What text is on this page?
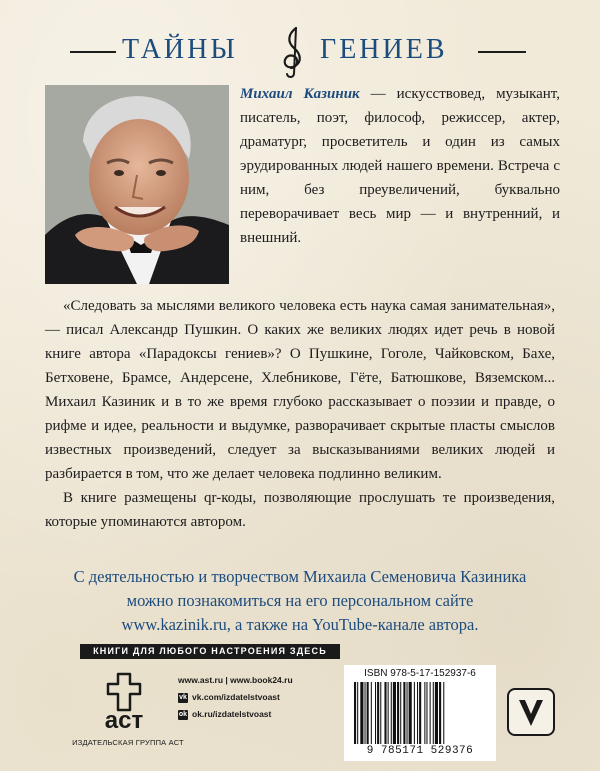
ТАЙНЫ	ГЕНИЕВ
Михаил Казиник — искусствовед, музыкант, писатель, поэт, философ, режиссер, актер, драматург, просветитель и один из самых эрудированных людей нашего времени. Встреча с ним, без преувеличений, буквально переворачивает весь мир — и внутренний, и внешний.

«Следовать за мыслями великого человека есть наука самая занимательная», — писал Александр Пушкин. О каких же великих людях идет речь в новой книге автора «Парадоксы гениев»? О Пушкине, Гоголе, Чайковском, Бахе, Бетховене, Брамсе, Андерсене, Хлебникове, Гёте, Батюшкове, Вяземском... Михаил Казиник и в то же время глубоко рассказывает о поэзии и правде, о рифме и идее, реальности и выдумке, разворачивает скрытые пласты смыслов известных произведений, следует за высказываниями великих людей и разбирается в том, что же делает человека подлинно великим.

В книге размещены qr-коды, позволяющие прослушать те произведения, которые упоминаются автором.

С деятельностью и творчеством Михаила Семеновича Казиника
можно познакомиться на его персональном сайте
www.kazinik.ru, а также на YouTube-канале автора.
КНИГИ ДЛЯ ЛЮБОГО НАСТРОЕНИЯ ЗДЕСЬ
аст
ИЗДАТЕЛЬСКАЯ ГРУППА АСТ
www.ast.ru | www.book24.ru
vk vk.com/izdatelstvoast
ok ok.ru/izdatelstvoast
ISBN 978-5-17-152937-6
9 785171 529376
